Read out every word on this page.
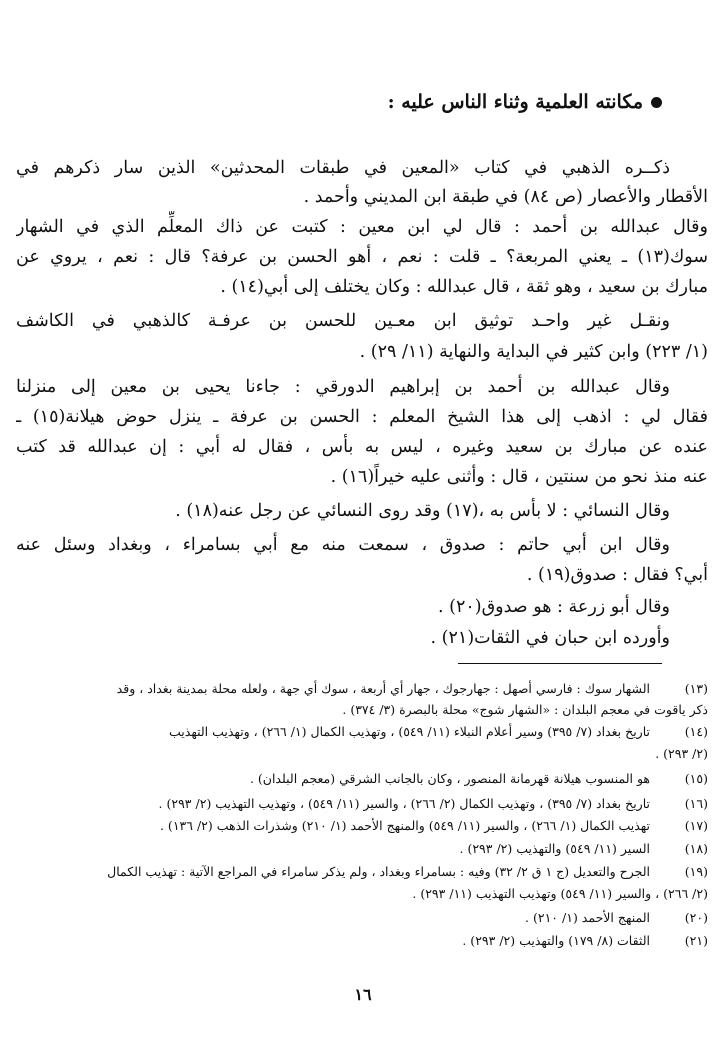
مكانته العلمية وثناء الناس عليه :
ذكــره الذهبي في كتاب «المعين في طبقات المحدثين» الذين سار ذكرهم في
الأقطار والأعصار (ص ٨٤) في طبقة ابن المديني وأحمد .
وقال عبدالله بن أحمد : قال لي ابن معين : كتبت عن ذاك المعلِّم الذي في الشهار
سوك(١٣) ـ يعني المربعة؟ ـ قلت : نعم ، أهو الحسن بن عرفة؟ قال : نعم ، يروي عن
مبارك بن سعيد ، وهو ثقة ، قال عبدالله : وكان يختلف إلى أبي(١٤) .
ونقـل غير واحـد توثيق ابن معـين للحسن بن عرفـة كالذهبي في الكاشف
(١/ ٢٢٣) وابن كثير في البداية والنهاية (١١/ ٢٩) .
وقال عبدالله بن أحمد بن إبراهيم الدورقي : جاءنا يحيى بن معين إلى منزلنا
فقال لي : اذهب إلى هذا الشيخ المعلم : الحسن بن عرفة ـ ينزل حوض هيلانة(١٥) ـ
عنده عن مبارك بن سعيد وغيره ، ليس به بأس ، فقال له أبي : إن عبدالله قد كتب
عنه منذ نحو من سنتين ، قال : وأثنى عليه خيراً(١٦) .
وقال النسائي : لا بأس به ،(١٧) وقد روى النسائي عن رجل عنه(١٨) .
وقال ابن أبي حاتم : صدوق ، سمعت منه مع أبي بسامراء ، وبغداد وسئل عنه
أبي؟ فقال : صدوق(١٩) .
وقال أبو زرعة : هو صدوق(٢٠) .
وأورده ابن حبان في الثقات(٢١) .
(١٣)
الشهار سوك : فارسي أصهل : جهارجوك ، جهار أي أربعة ، سوك أي جهة ، ولعله محلة بمدينة بغداد ، وقد
ذكر ياقوت في معجم البلدان : «الشهار شوج» محلة بالبصرة (٣/ ٣٧٤) .
(١٤)
تاريخ بغداد (٧/ ٣٩٥) وسير أعلام النبلاء (١١/ ٥٤٩) ، وتهذيب الكمال (١/ ٢٦٦) ، وتهذيب التهذيب
(٢/ ٢٩٣) .
(١٥)
هو المنسوب هيلانة قهرمانة المنصور ، وكان بالجانب الشرقي (معجم البلدان) .
(١٦)
تاريخ بغداد (٧/ ٣٩٥) ، وتهذيب الكمال (٢/ ٢٦٦) ، والسير (١١/ ٥٤٩) ، وتهذيب التهذيب (٢/ ٢٩٣) .
(١٧)
تهذيب الكمال (١/ ٢٦٦) ، والسير (١١/ ٥٤٩) والمنهج الأحمد (١/ ٢١٠) وشذرات الذهب (٢/ ١٣٦) .
(١٨)
السير (١١/ ٥٤٩) والتهذيب (٢/ ٢٩٣) .
(١٩)
الجرح والتعديل (ج ١ ق ٢/ ٣٢) وفيه : بسامراء وبغداد ، ولم يذكر سامراء في المراجع الآتية : تهذيب الكمال
(٢/ ٢٦٦) ، والسير (١١/ ٥٤٩) وتهذيب التهذيب (١١/ ٢٩٣) .
(٢٠)
المنهج الأحمد (١/ ٢١٠) .
(٢١)
الثقات (٨/ ١٧٩) والتهذيب (٢/ ٢٩٣) .
١٦
